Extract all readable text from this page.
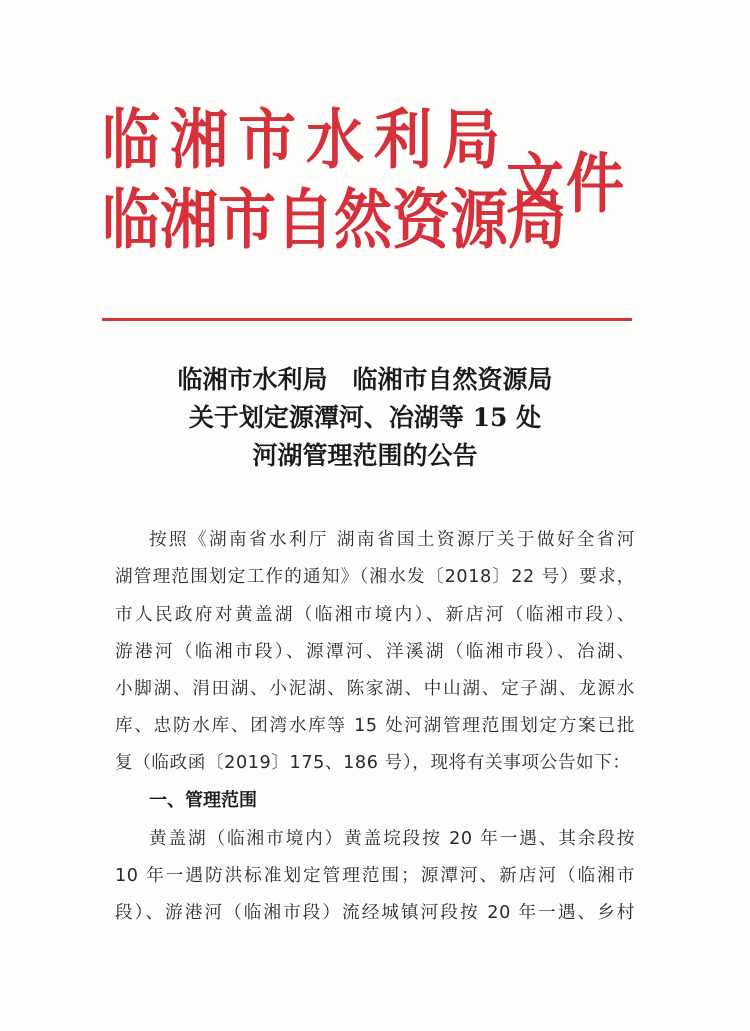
临湘市水利局
临湘市自然资源局
文件
临湘市水利局　临湘市自然资源局
关于划定源潭河、冶湖等 15 处
河湖管理范围的公告
按照《湖南省水利厅 湖南省国土资源厅关于做好全省河
湖管理范围划定工作的通知》（湘水发〔2018〕22 号）要求，
市人民政府对黄盖湖（临湘市境内）、新店河（临湘市段）、
游港河（临湘市段）、源潭河、洋溪湖（临湘市段）、冶湖、
小脚湖、涓田湖、小泥湖、陈家湖、中山湖、定子湖、龙源水
库、忠防水库、团湾水库等 15 处河湖管理范围划定方案已批
复（临政函〔2019〕175、186 号），现将有关事项公告如下：
一、管理范围
黄盖湖（临湘市境内）黄盖垸段按 20 年一遇、其余段按
10 年一遇防洪标准划定管理范围；源潭河、新店河（临湘市
段）、游港河（临湘市段）流经城镇河段按 20 年一遇、乡村
